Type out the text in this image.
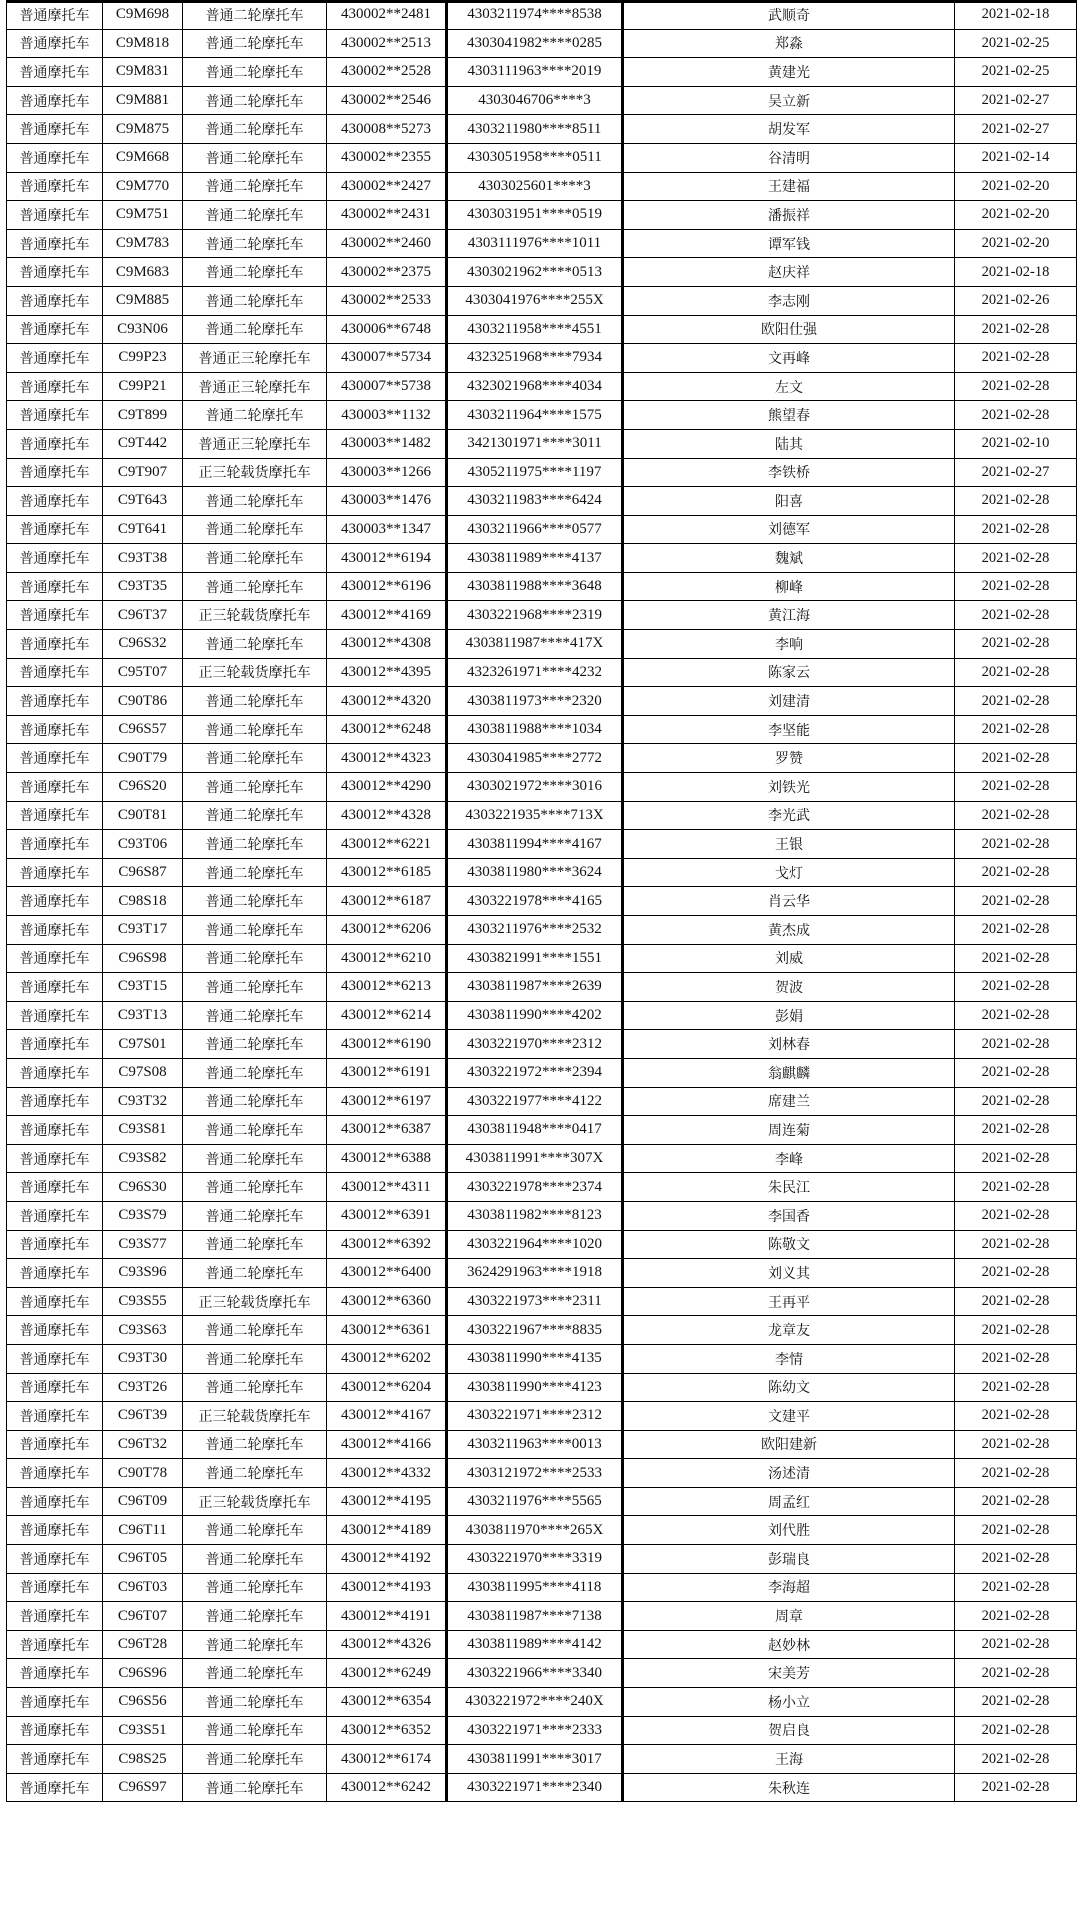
普通摩托车	C9M698	普通二轮摩托车	430002**2481	4303211974****8538	武顺奇	2021-02-18
普通摩托车	C9M818	普通二轮摩托车	430002**2513	4303041982****0285	郑淼	2021-02-25
普通摩托车	C9M831	普通二轮摩托车	430002**2528	4303111963****2019	黄建光	2021-02-25
普通摩托车	C9M881	普通二轮摩托车	430002**2546	4303046706****3	吴立新	2021-02-27
普通摩托车	C9M875	普通二轮摩托车	430008**5273	4303211980****8511	胡发军	2021-02-27
普通摩托车	C9M668	普通二轮摩托车	430002**2355	4303051958****0511	谷清明	2021-02-14
普通摩托车	C9M770	普通二轮摩托车	430002**2427	4303025601****3	王建福	2021-02-20
普通摩托车	C9M751	普通二轮摩托车	430002**2431	4303031951****0519	潘振祥	2021-02-20
普通摩托车	C9M783	普通二轮摩托车	430002**2460	4303111976****1011	谭军钱	2021-02-20
普通摩托车	C9M683	普通二轮摩托车	430002**2375	4303021962****0513	赵庆祥	2021-02-18
普通摩托车	C9M885	普通二轮摩托车	430002**2533	4303041976****255X	李志刚	2021-02-26
普通摩托车	C93N06	普通二轮摩托车	430006**6748	4303211958****4551	欧阳仕强	2021-02-28
普通摩托车	C99P23	普通正三轮摩托车	430007**5734	4323251968****7934	文再峰	2021-02-28
普通摩托车	C99P21	普通正三轮摩托车	430007**5738	4323021968****4034	左文	2021-02-28
普通摩托车	C9T899	普通二轮摩托车	430003**1132	4303211964****1575	熊望春	2021-02-28
普通摩托车	C9T442	普通正三轮摩托车	430003**1482	3421301971****3011	陆其	2021-02-10
普通摩托车	C9T907	正三轮载货摩托车	430003**1266	4305211975****1197	李铁桥	2021-02-27
普通摩托车	C9T643	普通二轮摩托车	430003**1476	4303211983****6424	阳喜	2021-02-28
普通摩托车	C9T641	普通二轮摩托车	430003**1347	4303211966****0577	刘德军	2021-02-28
普通摩托车	C93T38	普通二轮摩托车	430012**6194	4303811989****4137	魏斌	2021-02-28
普通摩托车	C93T35	普通二轮摩托车	430012**6196	4303811988****3648	柳峰	2021-02-28
普通摩托车	C96T37	正三轮载货摩托车	430012**4169	4303221968****2319	黄江海	2021-02-28
普通摩托车	C96S32	普通二轮摩托车	430012**4308	4303811987****417X	李响	2021-02-28
普通摩托车	C95T07	正三轮载货摩托车	430012**4395	4323261971****4232	陈家云	2021-02-28
普通摩托车	C90T86	普通二轮摩托车	430012**4320	4303811973****2320	刘建清	2021-02-28
普通摩托车	C96S57	普通二轮摩托车	430012**6248	4303811988****1034	李坚能	2021-02-28
普通摩托车	C90T79	普通二轮摩托车	430012**4323	4303041985****2772	罗赞	2021-02-28
普通摩托车	C96S20	普通二轮摩托车	430012**4290	4303021972****3016	刘铁光	2021-02-28
普通摩托车	C90T81	普通二轮摩托车	430012**4328	4303221935****713X	李光武	2021-02-28
普通摩托车	C93T06	普通二轮摩托车	430012**6221	4303811994****4167	王银	2021-02-28
普通摩托车	C96S87	普通二轮摩托车	430012**6185	4303811980****3624	戈灯	2021-02-28
普通摩托车	C98S18	普通二轮摩托车	430012**6187	4303221978****4165	肖云华	2021-02-28
普通摩托车	C93T17	普通二轮摩托车	430012**6206	4303211976****2532	黄杰成	2021-02-28
普通摩托车	C96S98	普通二轮摩托车	430012**6210	4303821991****1551	刘威	2021-02-28
普通摩托车	C93T15	普通二轮摩托车	430012**6213	4303811987****2639	贺波	2021-02-28
普通摩托车	C93T13	普通二轮摩托车	430012**6214	4303811990****4202	彭娟	2021-02-28
普通摩托车	C97S01	普通二轮摩托车	430012**6190	4303221970****2312	刘林春	2021-02-28
普通摩托车	C97S08	普通二轮摩托车	430012**6191	4303221972****2394	翁麒麟	2021-02-28
普通摩托车	C93T32	普通二轮摩托车	430012**6197	4303221977****4122	席建兰	2021-02-28
普通摩托车	C93S81	普通二轮摩托车	430012**6387	4303811948****0417	周连菊	2021-02-28
普通摩托车	C93S82	普通二轮摩托车	430012**6388	4303811991****307X	李峰	2021-02-28
普通摩托车	C96S30	普通二轮摩托车	430012**4311	4303221978****2374	朱民江	2021-02-28
普通摩托车	C93S79	普通二轮摩托车	430012**6391	4303811982****8123	李国香	2021-02-28
普通摩托车	C93S77	普通二轮摩托车	430012**6392	4303221964****1020	陈敬文	2021-02-28
普通摩托车	C93S96	普通二轮摩托车	430012**6400	3624291963****1918	刘义其	2021-02-28
普通摩托车	C93S55	正三轮载货摩托车	430012**6360	4303221973****2311	王再平	2021-02-28
普通摩托车	C93S63	普通二轮摩托车	430012**6361	4303221967****8835	龙章友	2021-02-28
普通摩托车	C93T30	普通二轮摩托车	430012**6202	4303811990****4135	李情	2021-02-28
普通摩托车	C93T26	普通二轮摩托车	430012**6204	4303811990****4123	陈幼文	2021-02-28
普通摩托车	C96T39	正三轮载货摩托车	430012**4167	4303221971****2312	文建平	2021-02-28
普通摩托车	C96T32	普通二轮摩托车	430012**4166	4303211963****0013	欧阳建新	2021-02-28
普通摩托车	C90T78	普通二轮摩托车	430012**4332	4303121972****2533	汤述清	2021-02-28
普通摩托车	C96T09	正三轮载货摩托车	430012**4195	4303211976****5565	周孟红	2021-02-28
普通摩托车	C96T11	普通二轮摩托车	430012**4189	4303811970****265X	刘代胜	2021-02-28
普通摩托车	C96T05	普通二轮摩托车	430012**4192	4303221970****3319	彭瑞良	2021-02-28
普通摩托车	C96T03	普通二轮摩托车	430012**4193	4303811995****4118	李海超	2021-02-28
普通摩托车	C96T07	普通二轮摩托车	430012**4191	4303811987****7138	周章	2021-02-28
普通摩托车	C96T28	普通二轮摩托车	430012**4326	4303811989****4142	赵妙林	2021-02-28
普通摩托车	C96S96	普通二轮摩托车	430012**6249	4303221966****3340	宋美芳	2021-02-28
普通摩托车	C96S56	普通二轮摩托车	430012**6354	4303221972****240X	杨小立	2021-02-28
普通摩托车	C93S51	普通二轮摩托车	430012**6352	4303221971****2333	贺启良	2021-02-28
普通摩托车	C98S25	普通二轮摩托车	430012**6174	4303811991****3017	王海	2021-02-28
普通摩托车	C96S97	普通二轮摩托车	430012**6242	4303221971****2340	朱秋连	2021-02-28
